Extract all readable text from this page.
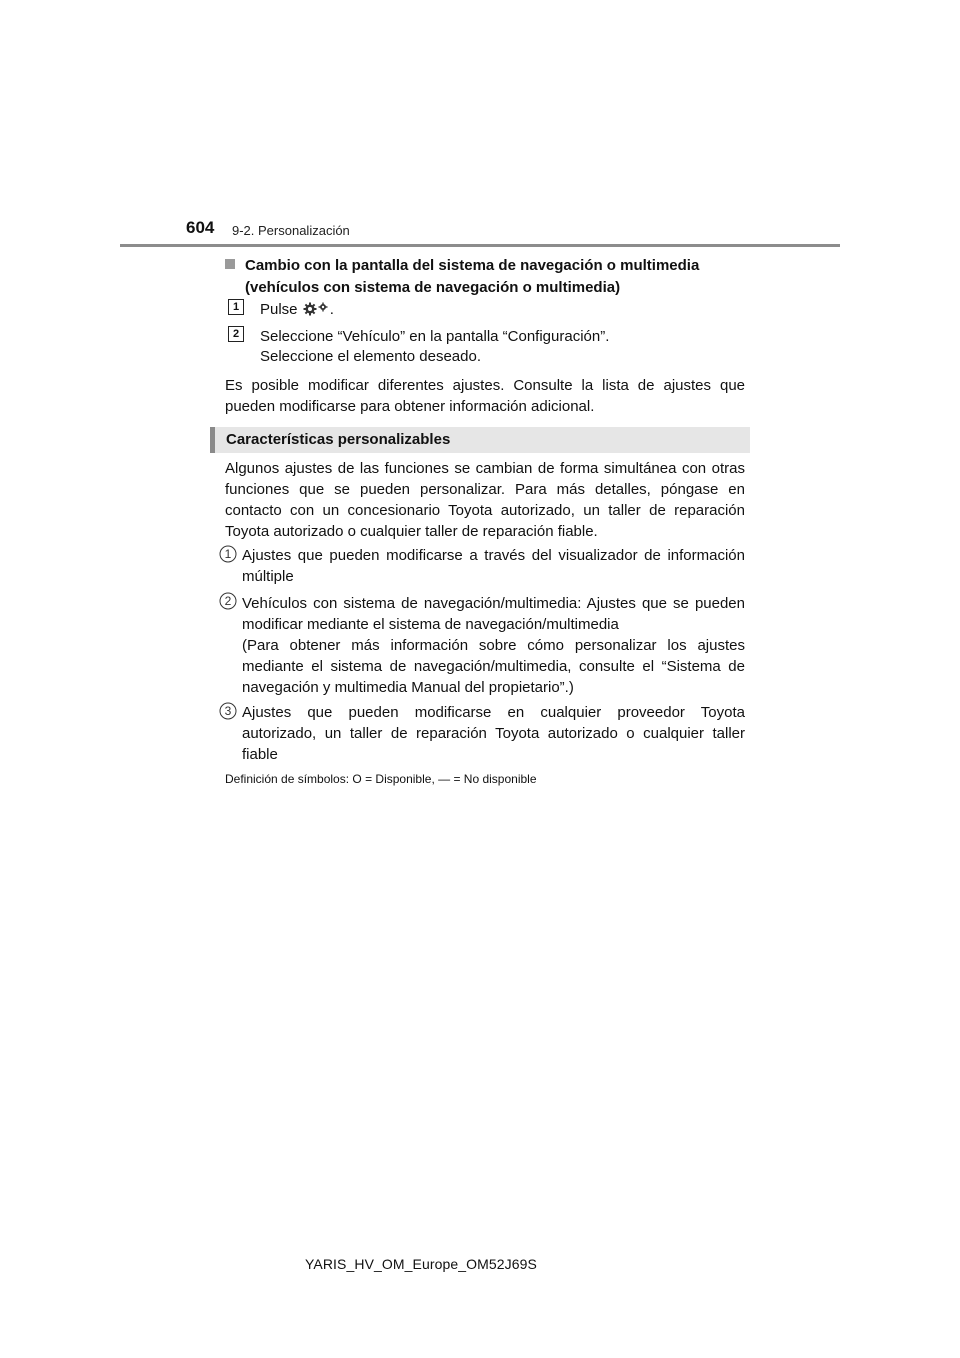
604 9-2. Personalización
Cambio con la pantalla del sistema de navegación o multimedia
(vehículos con sistema de navegación o multimedia)
1	Pulse .
2	Seleccione “Vehículo” en la pantalla “Configuración”.
Seleccione el elemento deseado.
Es posible modificar diferentes ajustes. Consulte la lista de ajustes que
pueden modificarse para obtener información adicional.
Características personalizables
Algunos ajustes de las funciones se cambian de forma simultánea con otras
funciones que se pueden personalizar. Para más detalles, póngase en
contacto con un concesionario Toyota autorizado, un taller de reparación
Toyota autorizado o cualquier taller de reparación fiable.
1 Ajustes que pueden modificarse a través del visualizador de información
múltiple
2 Vehículos con sistema de navegación/multimedia: Ajustes que se pueden
modificar mediante el sistema de navegación/multimedia
(Para obtener más información sobre cómo personalizar los ajustes
mediante el sistema de navegación/multimedia, consulte el “Sistema de
navegación y multimedia Manual del propietario”.)
3 Ajustes que pueden modificarse en cualquier proveedor Toyota
autorizado, un taller de reparación Toyota autorizado o cualquier taller
fiable
Definición de símbolos: O = Disponible, — = No disponible
YARIS_HV_OM_Europe_OM52J69S
